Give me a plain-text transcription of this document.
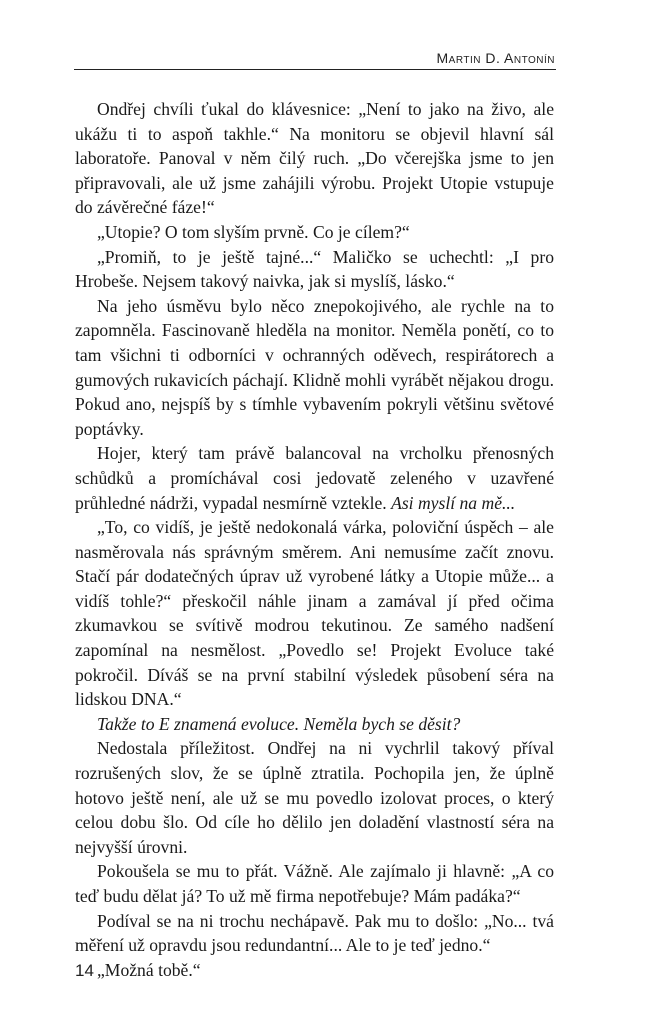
Martin D. Antonín

Ondřej chvíli ťukal do klávesnice: „Není to jako na živo, ale ukážu ti to aspoň takhle.“ Na monitoru se objevil hlavní sál laboratoře. Panoval v něm čilý ruch. „Do včerejška jsme to jen připravovali, ale už jsme zahájili výrobu. Projekt Utopie vstupuje do závěrečné fáze!“

„Utopie? O tom slyším prvně. Co je cílem?“

„Promiň, to je ještě tajné...“ Maličko se uchechtl: „I pro Hrobeše. Nejsem takový naivka, jak si myslíš, lásko.“

Na jeho úsměvu bylo něco znepokojivého, ale rychle na to zapomněla. Fascinovaně hleděla na monitor. Neměla ponětí, co to tam všichni ti odborníci v ochranných oděvech, respirátorech a gumových rukavicích páchají. Klidně mohli vyrábět nějakou drogu. Pokud ano, nejspíš by s tímhle vybavením pokryli většinu světové poptávky.

Hojer, který tam právě balancoval na vrcholku přenosných schůdků a promíchával cosi jedovatě zeleného v uzavřené průhledné nádrži, vypadal nesmírně vztekle. Asi myslí na mě...

„To, co vidíš, je ještě nedokonalá várka, poloviční úspěch – ale nasměrovala nás správným směrem. Ani nemusíme začít znovu. Stačí pár dodatečných úprav už vyrobené látky a Utopie může... a vidíš tohle?“ přeskočil náhle jinam a zamával jí před očima zkumavkou se svítivě modrou tekutinou. Ze samého nadšení zapomínal na nesmělost. „Povedlo se! Projekt Evoluce také pokročil. Díváš se na první stabilní výsledek působení séra na lidskou DNA.“

Takže to E znamená evoluce. Neměla bych se děsit?

Nedostala příležitost. Ondřej na ni vychrlil takový příval rozrušených slov, že se úplně ztratila. Pochopila jen, že úplně hotovo ještě není, ale už se mu povedlo izolovat proces, o který celou dobu šlo. Od cíle ho dělilo jen doladění vlastností séra na nejvyšší úrovni.

Pokoušela se mu to přát. Vážně. Ale zajímalo ji hlavně: „A co teď budu dělat já? To už mě firma nepotřebuje? Mám padáka?“

Podíval se na ni trochu nechápavě. Pak mu to došlo: „No... tvá měření už opravdu jsou redundantní... Ale to je teď jedno.“

„Možná tobě.“

14
